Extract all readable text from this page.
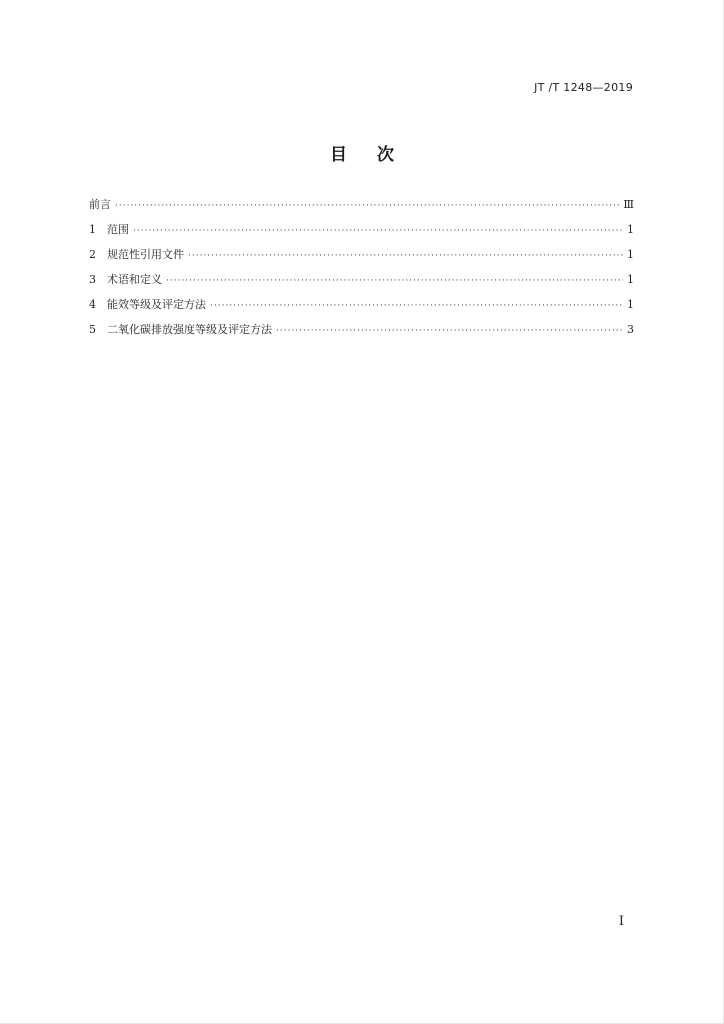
JT /T 1248—2019
目 次
前言 ·····	Ⅲ
1	范围 ·····	1
2	规范性引用文件 ·····	1
3	术语和定义 ·····	1
4	能效等级及评定方法 ·····	1
5	二氧化碳排放强度等级及评定方法 ·····	3
I
